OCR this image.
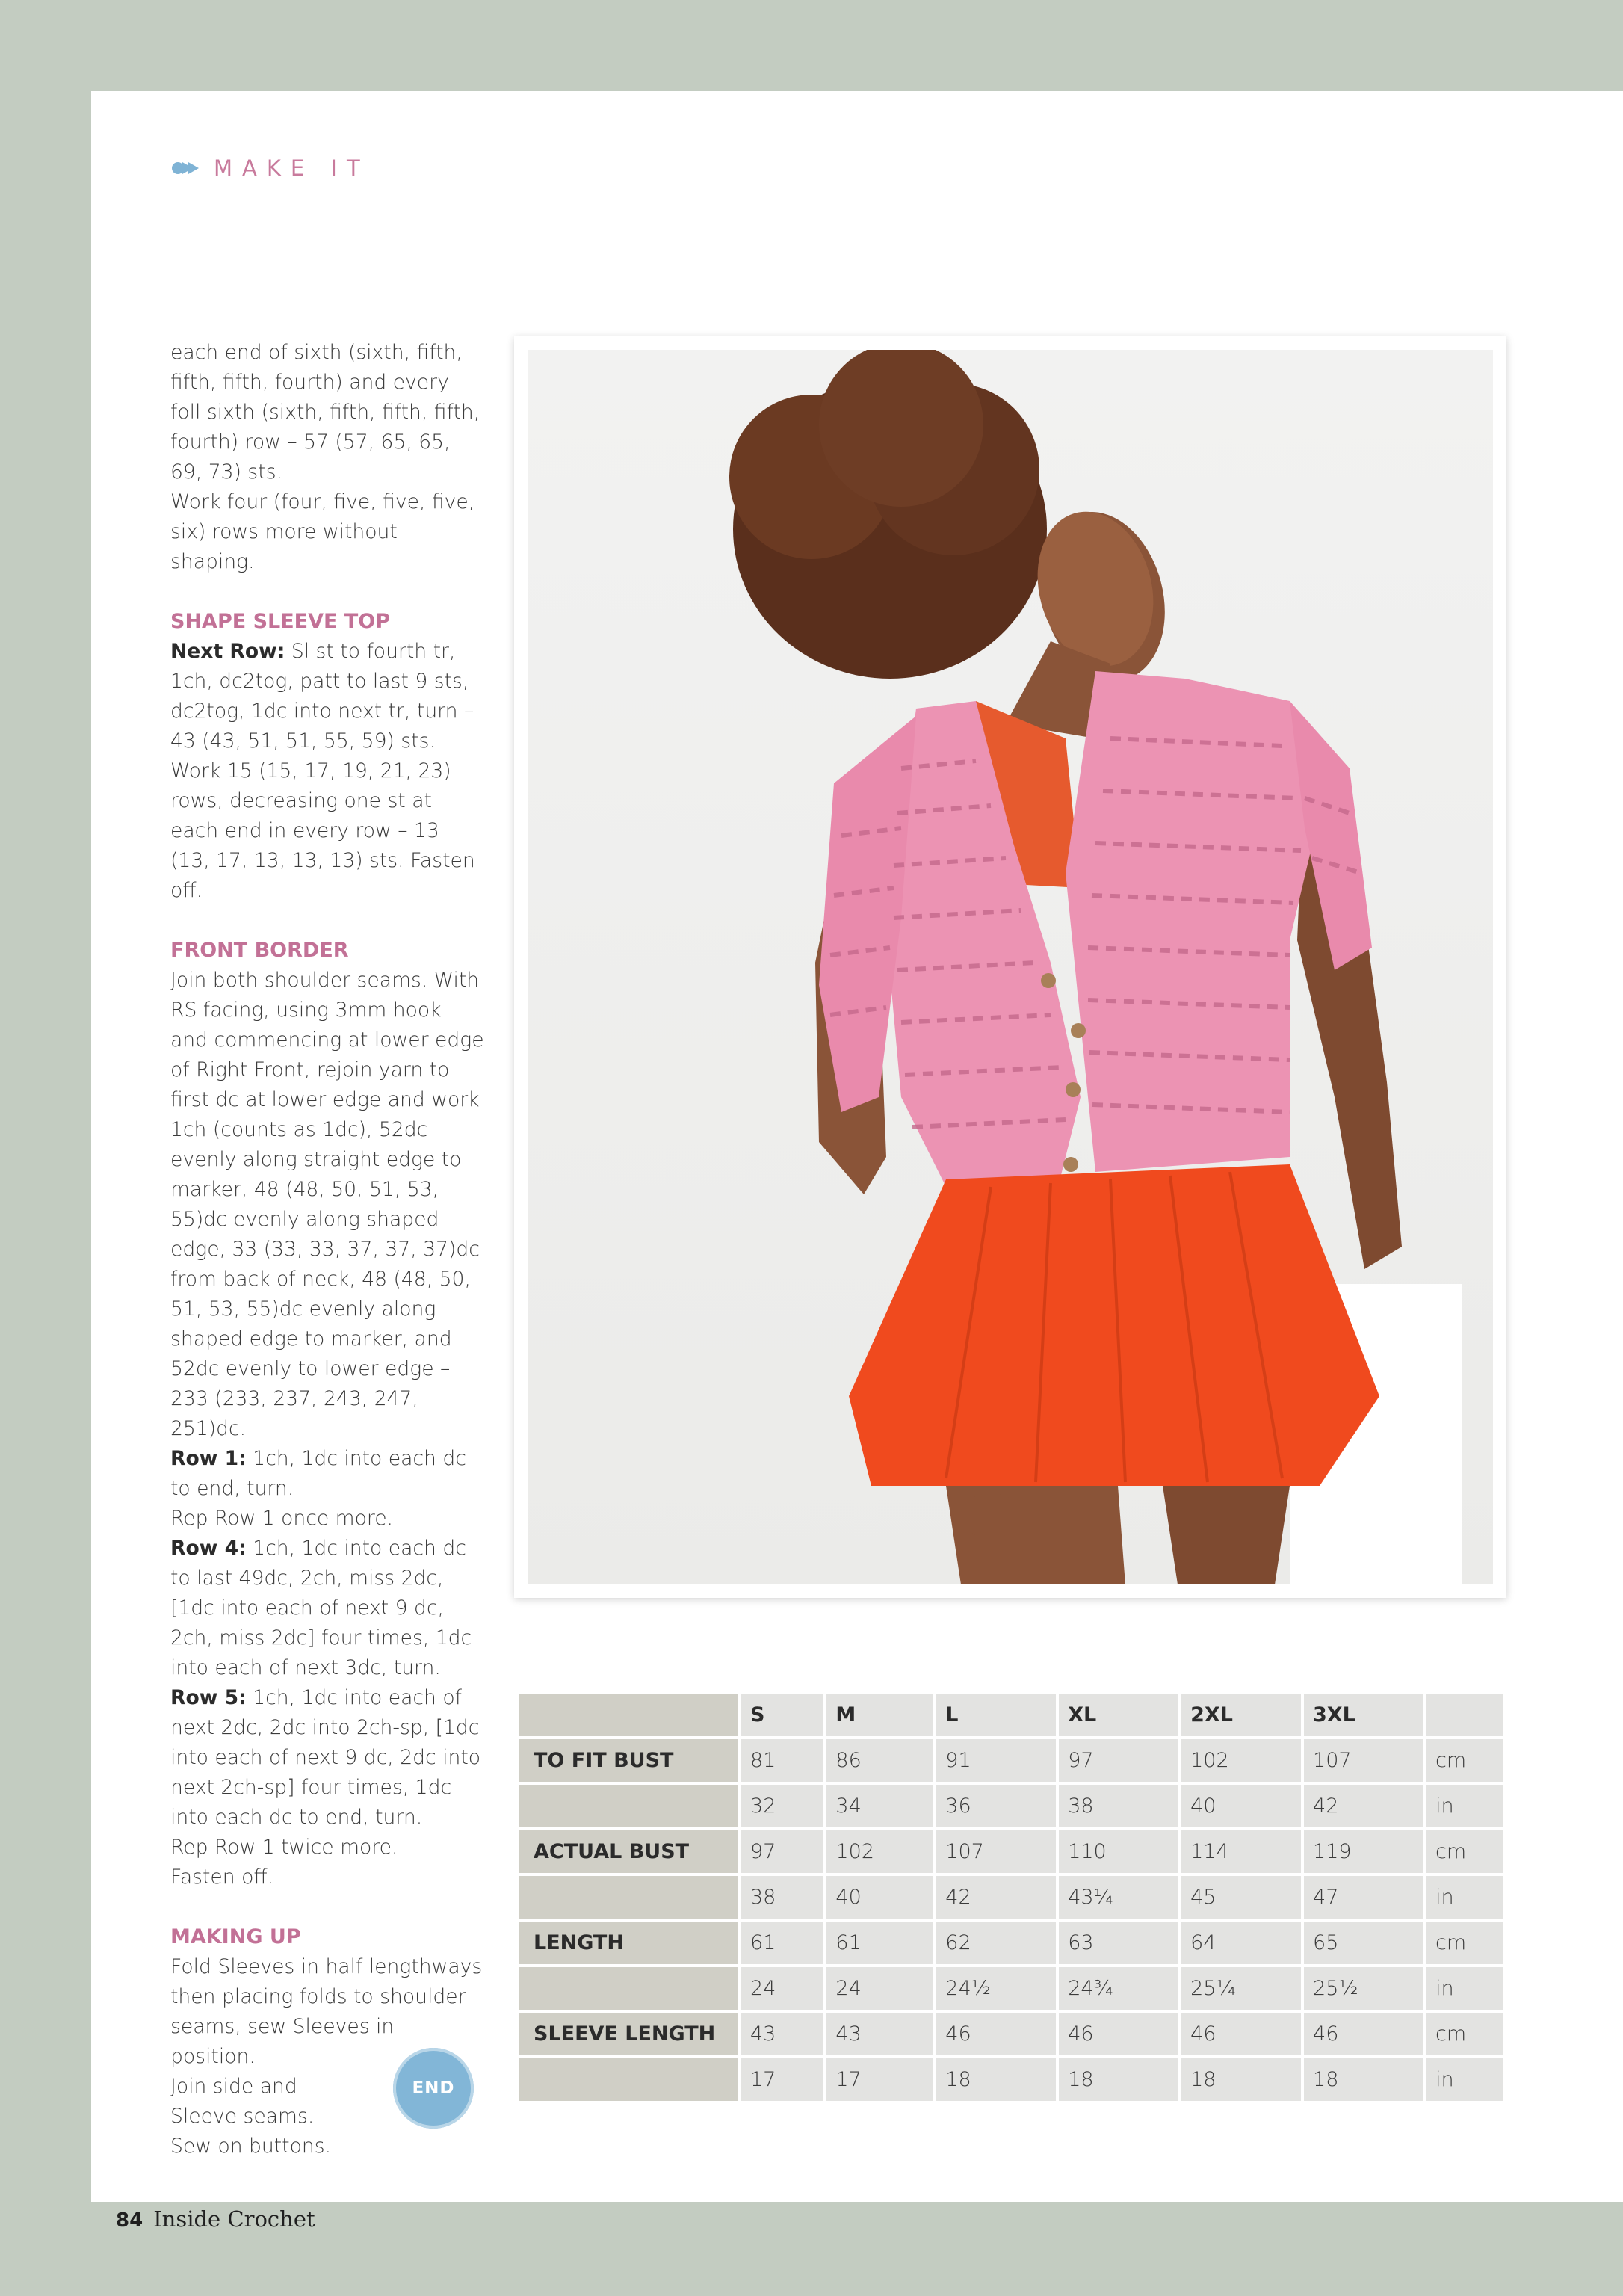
MAKE IT

each end of sixth (sixth, fifth, fifth, fifth, fourth) and every foll sixth (sixth, fifth, fifth, fifth, fourth) row – 57 (57, 65, 65, 69, 73) sts.

Work four (four, five, five, five, six) rows more without shaping.

SHAPE SLEEVE TOP

Next Row: Sl st to fourth tr, 1ch, dc2tog, patt to last 9 sts, dc2tog, 1dc into next tr, turn – 43 (43, 51, 51, 55, 59) sts.

Work 15 (15, 17, 19, 21, 23) rows, decreasing one st at each end in every row – 13 (13, 17, 13, 13, 13) sts. Fasten off.

FRONT BORDER

Join both shoulder seams. With RS facing, using 3mm hook and commencing at lower edge of Right Front, rejoin yarn to first dc at lower edge and work 1ch (counts as 1dc), 52dc evenly along straight edge to marker, 48 (48, 50, 51, 53, 55)dc evenly along shaped edge, 33 (33, 33, 37, 37, 37)dc from back of neck, 48 (48, 50, 51, 53, 55)dc evenly along shaped edge to marker, and 52dc evenly to lower edge – 233 (233, 237, 243, 247, 251)dc.

Row 1: 1ch, 1dc into each dc to end, turn.

Rep Row 1 once more.

Row 4: 1ch, 1dc into each dc to last 49dc, 2ch, miss 2dc, [1dc into each of next 9 dc, 2ch, miss 2dc] four times, 1dc into each of next 3dc, turn.

Row 5: 1ch, 1dc into each of next 2dc, 2dc into 2ch-sp, [1dc into each of next 9 dc, 2dc into next 2ch-sp] four times, 1dc into each dc to end, turn.

Rep Row 1 twice more.

Fasten off.

MAKING UP

Fold Sleeves in half lengthways then placing folds to shoulder seams, sew Sleeves in position.

Join side and

Sleeve seams.

Sew on buttons.

END
	S	M	L	XL	2XL	3XL	
TO FIT BUST	81	86	91	97	102	107	cm
	32	34	36	38	40	42	in
ACTUAL BUST	97	102	107	110	114	119	cm
	38	40	42	43¼	45	47	in
LENGTH	61	61	62	63	64	65	cm
	24	24	24½	24¾	25¼	25½	in
SLEEVE LENGTH	43	43	46	46	46	46	cm
	17	17	18	18	18	18	in
84 Inside Crochet
